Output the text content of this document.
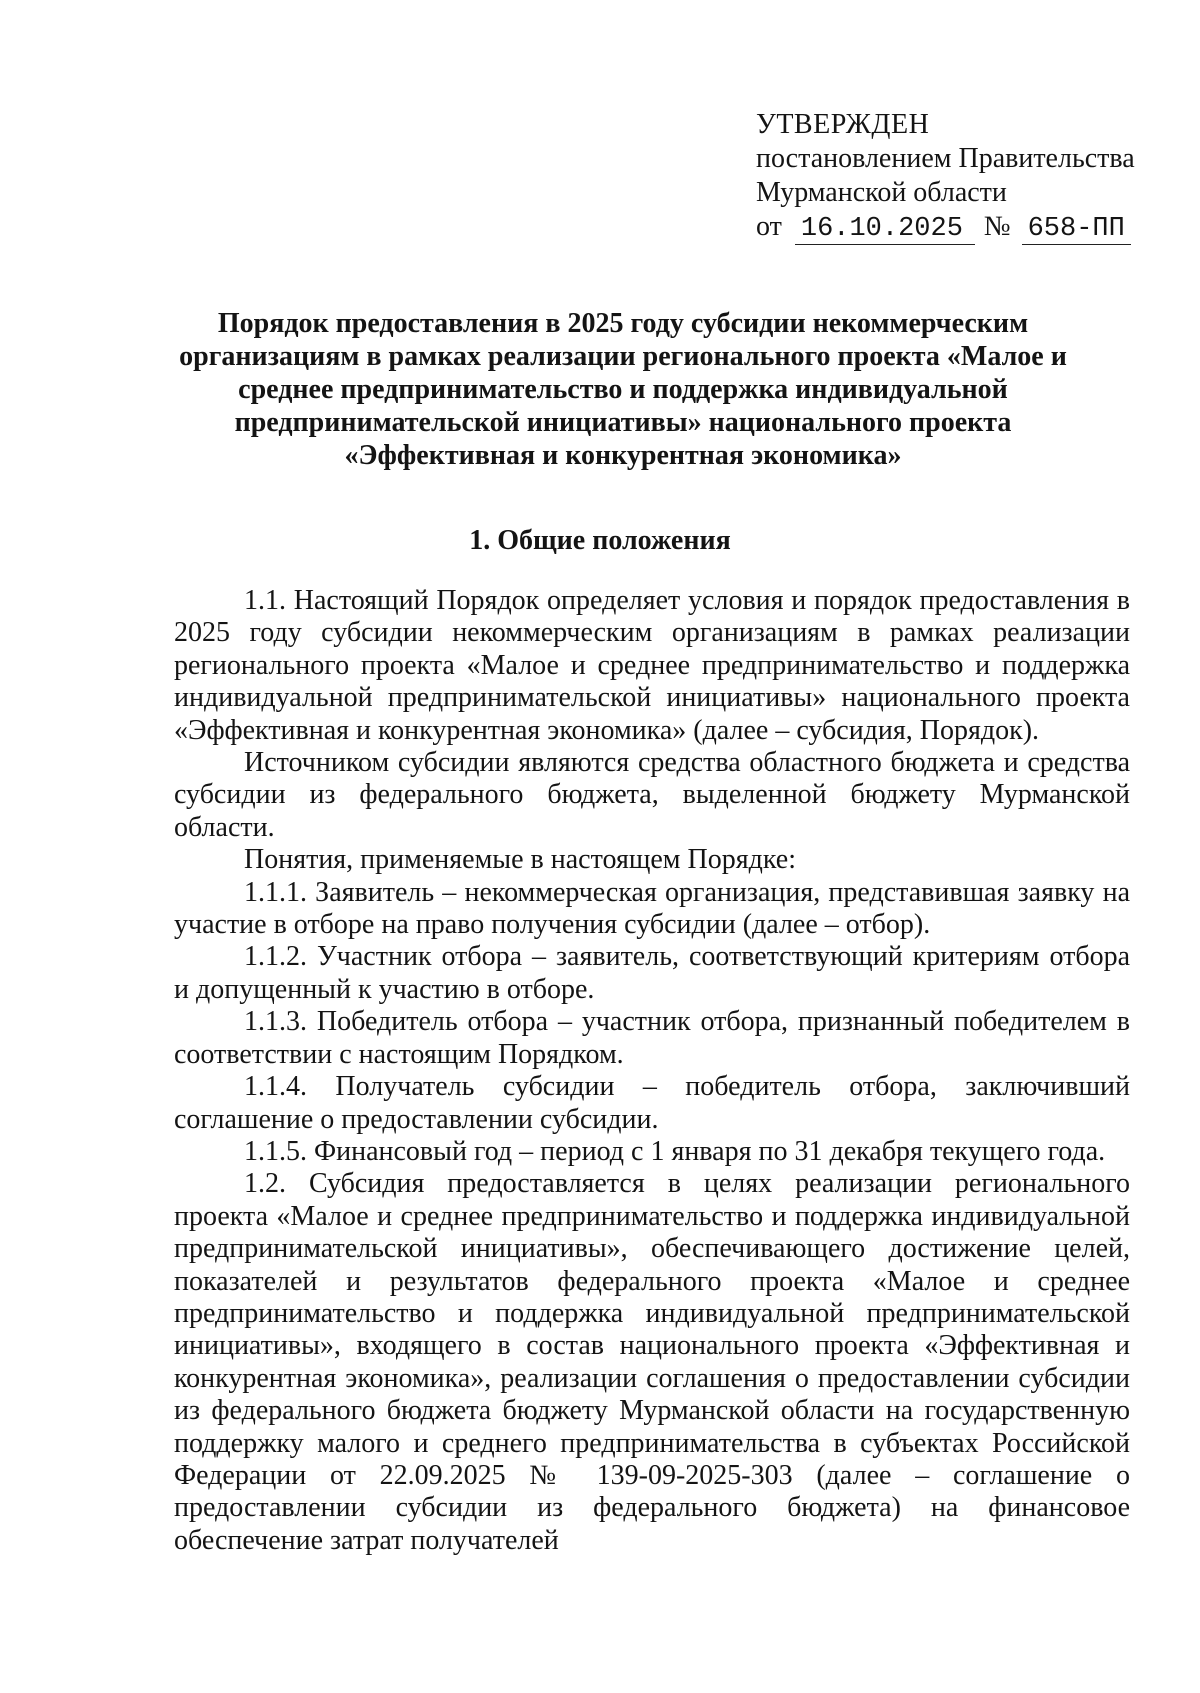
УТВЕРЖДЕН
постановлением Правительства
Мурманской области
от 16.10.2025 № 658-ПП
Порядок предоставления в 2025 году субсидии некоммерческим
организациям в рамках реализации регионального проекта «Малое и
среднее предпринимательство и поддержка индивидуальной
предпринимательской инициативы» национального проекта
«Эффективная и конкурентная экономика»
1. Общие положения

1.1. Настоящий Порядок определяет условия и порядок предоставления в 2025 году субсидии некоммерческим организациям в рамках реализации регионального проекта «Малое и среднее предпринимательство и поддержка индивидуальной предпринимательской инициативы» национального проекта «Эффективная и конкурентная экономика» (далее – субсидия, Порядок).

Источником субсидии являются средства областного бюджета и средства субсидии из федерального бюджета, выделенной бюджету Мурманской области.

Понятия, применяемые в настоящем Порядке:

1.1.1. Заявитель – некоммерческая организация, представившая заявку на участие в отборе на право получения субсидии (далее – отбор).

1.1.2. Участник отбора – заявитель, соответствующий критериям отбора и допущенный к участию в отборе.

1.1.3. Победитель отбора – участник отбора, признанный победителем в соответствии с настоящим Порядком.

1.1.4. Получатель субсидии – победитель отбора, заключивший соглашение о предоставлении субсидии.

1.1.5. Финансовый год – период с 1 января по 31 декабря текущего года.

1.2. Субсидия предоставляется в целях реализации регионального проекта «Малое и среднее предпринимательство и поддержка индивидуальной предпринимательской инициативы», обеспечивающего достижение целей, показателей и результатов федерального проекта «Малое и среднее предпринимательство и поддержка индивидуальной предпринимательской инициативы», входящего в состав национального проекта «Эффективная и конкурентная экономика», реализации соглашения о предоставлении субсидии из федерального бюджета бюджету Мурманской области на государственную поддержку малого и среднего предпринимательства в субъектах Российской Федерации от 22.09.2025 № 139-09-2025-303 (далее – соглашение о предоставлении субсидии из федерального бюджета) на финансовое обеспечение затрат получателей
